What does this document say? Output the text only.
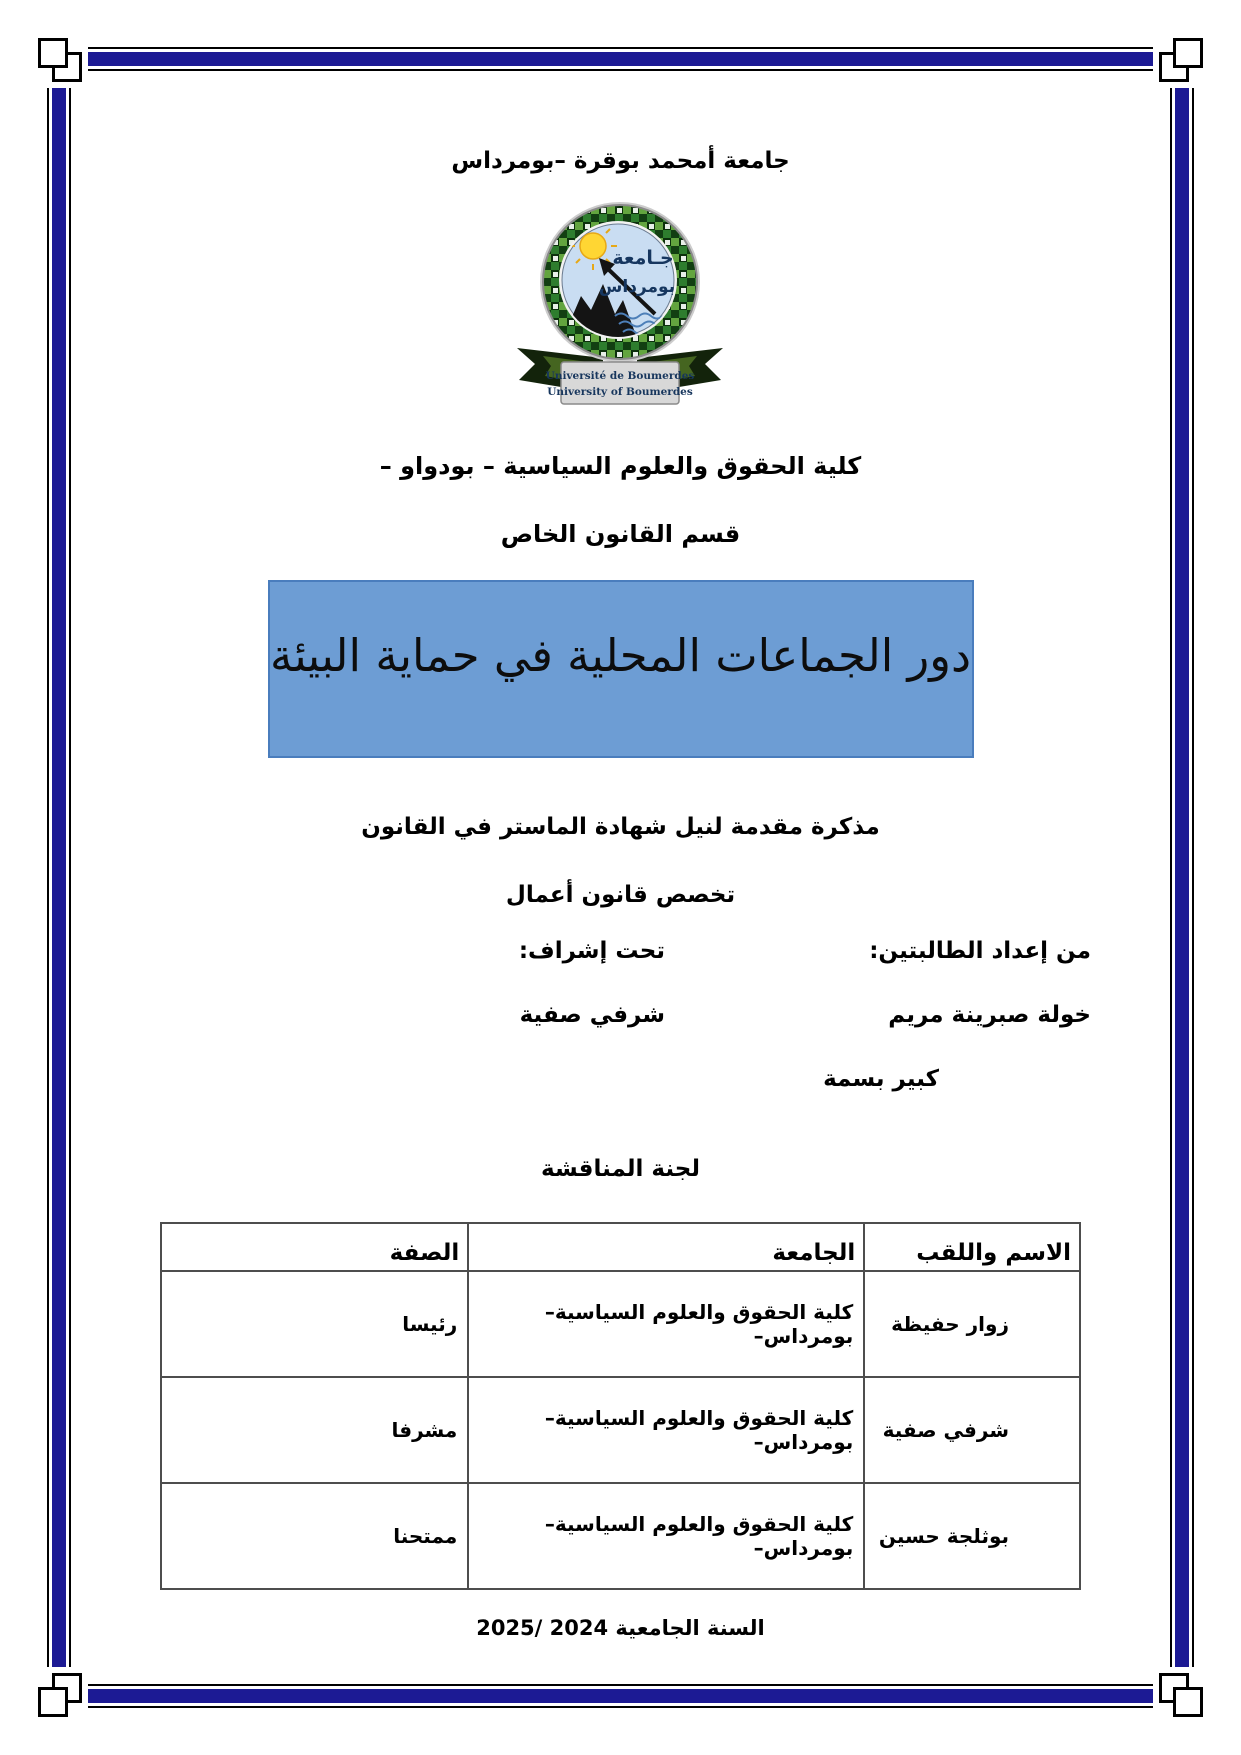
جامعة أمحمد بوقرة –بومرداس

جـامعة
بومرداس
Université de Boumerdes
University of Boumerdes

كلية الحقوق والعلوم السياسية – بودواو –

قسم القانون الخاص

دور الجماعات المحلية في حماية البيئة

مذكرة مقدمة لنيل شهادة الماستر في القانون

تخصص قانون أعمال

من إعداد الطالبتين:

خولة صبرينة مريم

كبير بسمة

تحت إشراف:

شرفي صفية

لجنة المناقشة

الاسم واللقب	الجامعة	الصفة
زوار حفيظة	كلية الحقوق والعلوم السياسية–بومرداس–	رئيسا
شرفي صفية	كلية الحقوق والعلوم السياسية–بومرداس–	مشرفا
بوثلجة حسين	كلية الحقوق والعلوم السياسية–بومرداس–	ممتحنا

السنة الجامعية 2024 /2025
